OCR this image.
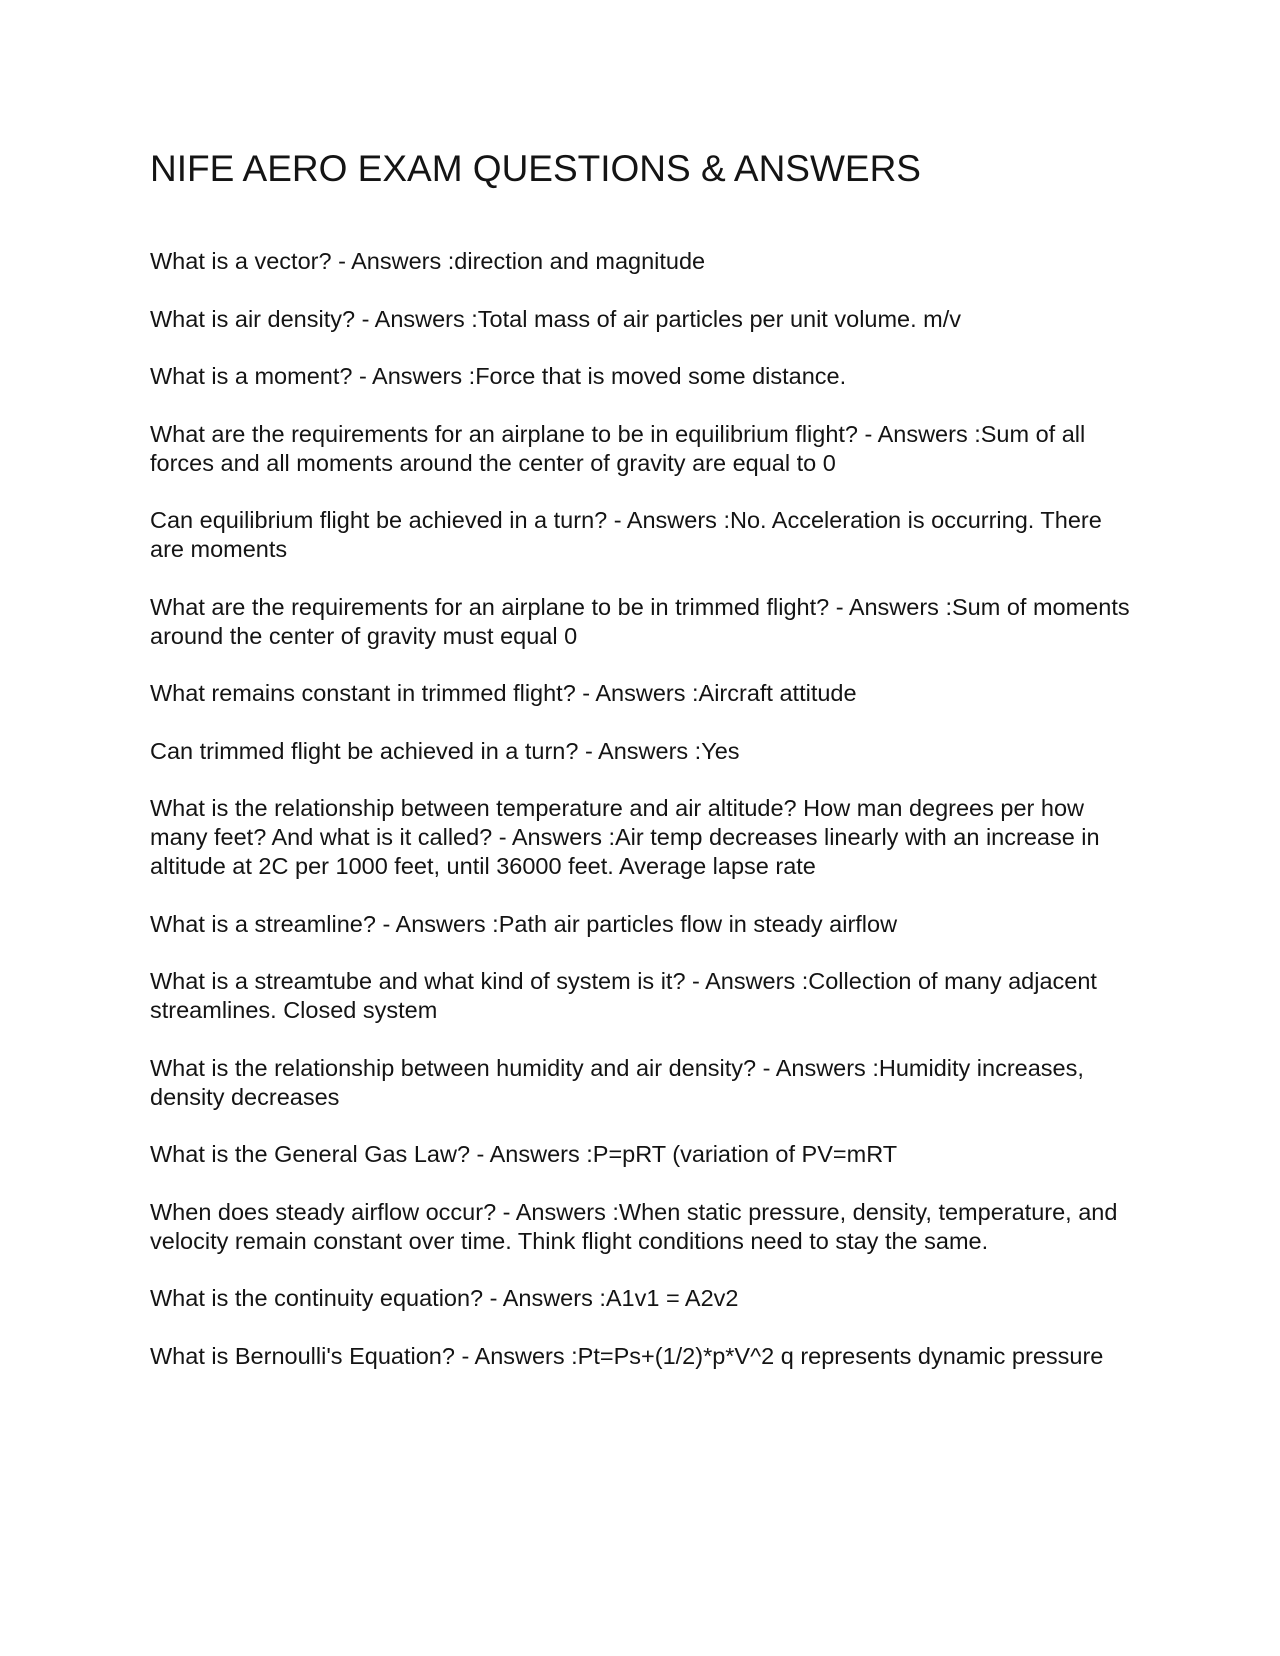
NIFE AERO EXAM QUESTIONS & ANSWERS
What is a vector? - Answers :direction and magnitude
What is air density? - Answers :Total mass of air particles per unit volume. m/v
What is a moment? - Answers :Force that is moved some distance.
What are the requirements for an airplane to be in equilibrium flight? - Answers :Sum of all forces and all moments around the center of gravity are equal to 0
Can equilibrium flight be achieved in a turn? - Answers :No. Acceleration is occurring. There are moments
What are the requirements for an airplane to be in trimmed flight? - Answers :Sum of moments around the center of gravity must equal 0
What remains constant in trimmed flight? - Answers :Aircraft attitude
Can trimmed flight be achieved in a turn? - Answers :Yes
What is the relationship between temperature and air altitude? How man degrees per how many feet? And what is it called? - Answers :Air temp decreases linearly with an increase in altitude at 2C per 1000 feet, until 36000 feet. Average lapse rate
What is a streamline? - Answers :Path air particles flow in steady airflow
What is a streamtube and what kind of system is it? - Answers :Collection of many adjacent streamlines. Closed system
What is the relationship between humidity and air density? - Answers :Humidity increases, density decreases
What is the General Gas Law? - Answers :P=pRT (variation of PV=mRT
When does steady airflow occur? - Answers :When static pressure, density, temperature, and velocity remain constant over time. Think flight conditions need to stay the same.
What is the continuity equation? - Answers :A1v1 = A2v2
What is Bernoulli's Equation? - Answers :Pt=Ps+(1/2)*p*V^2 q represents dynamic pressure
